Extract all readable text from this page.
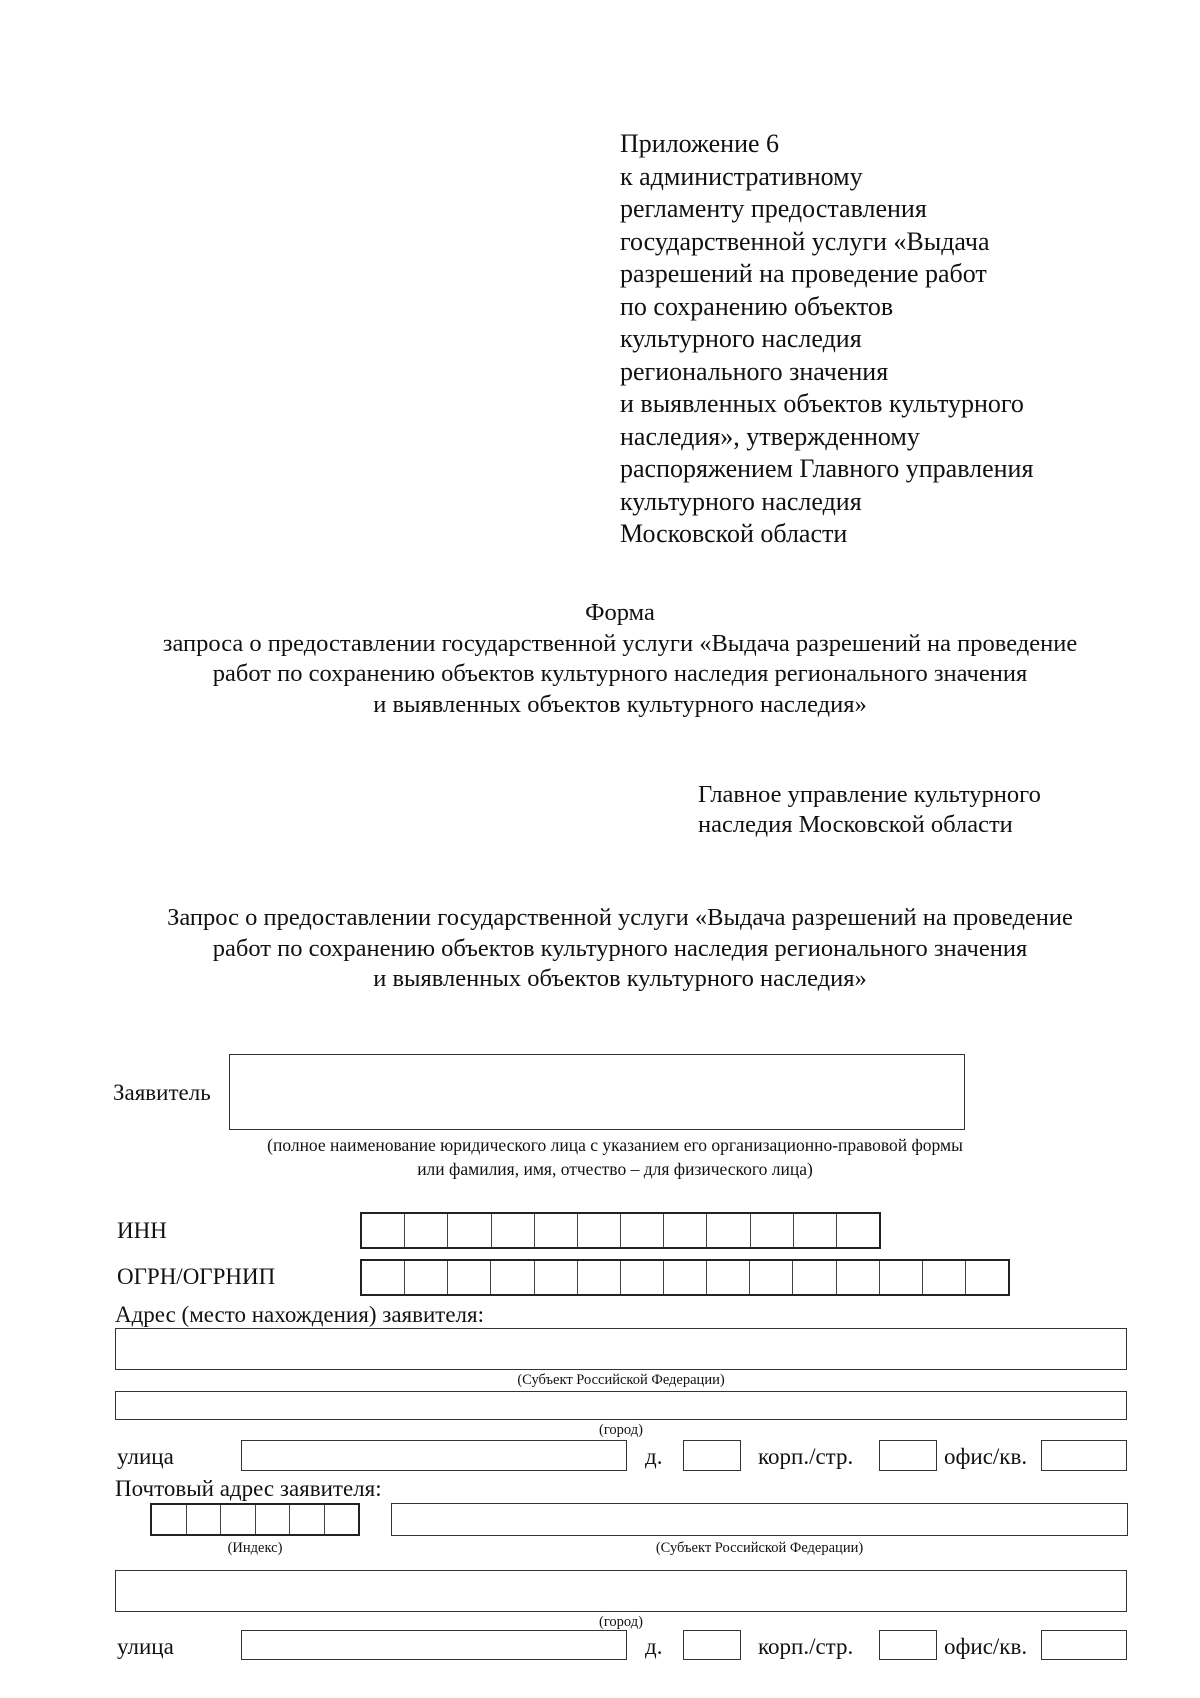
Приложение 6
к административному
регламенту предоставления
государственной услуги «Выдача
разрешений на проведение работ
по сохранению объектов
культурного наследия
регионального значения
и выявленных объектов культурного
наследия», утвержденному
распоряжением Главного управления
культурного наследия
Московской области
Форма
запроса о предоставлении государственной услуги «Выдача разрешений на проведение
работ по сохранению объектов культурного наследия регионального значения
и выявленных объектов культурного наследия»
Главное управление культурного
наследия Московской области
Запрос о предоставлении государственной услуги «Выдача разрешений на проведение
работ по сохранению объектов культурного наследия регионального значения
и выявленных объектов культурного наследия»
Заявитель
(полное наименование юридического лица с указанием его организационно-правовой формы
или фамилия, имя, отчество – для физического лица)
ИНН
ОГРН/ОГРНИП
Адрес (место нахождения) заявителя:
(Субъект Российской Федерации)
(город)
улица	д.	корп./стр.	офис/кв.
Почтовый адрес заявителя:
(Индекс)	(Субъект Российской Федерации)
(город)
улица	д.	корп./стр.	офис/кв.
